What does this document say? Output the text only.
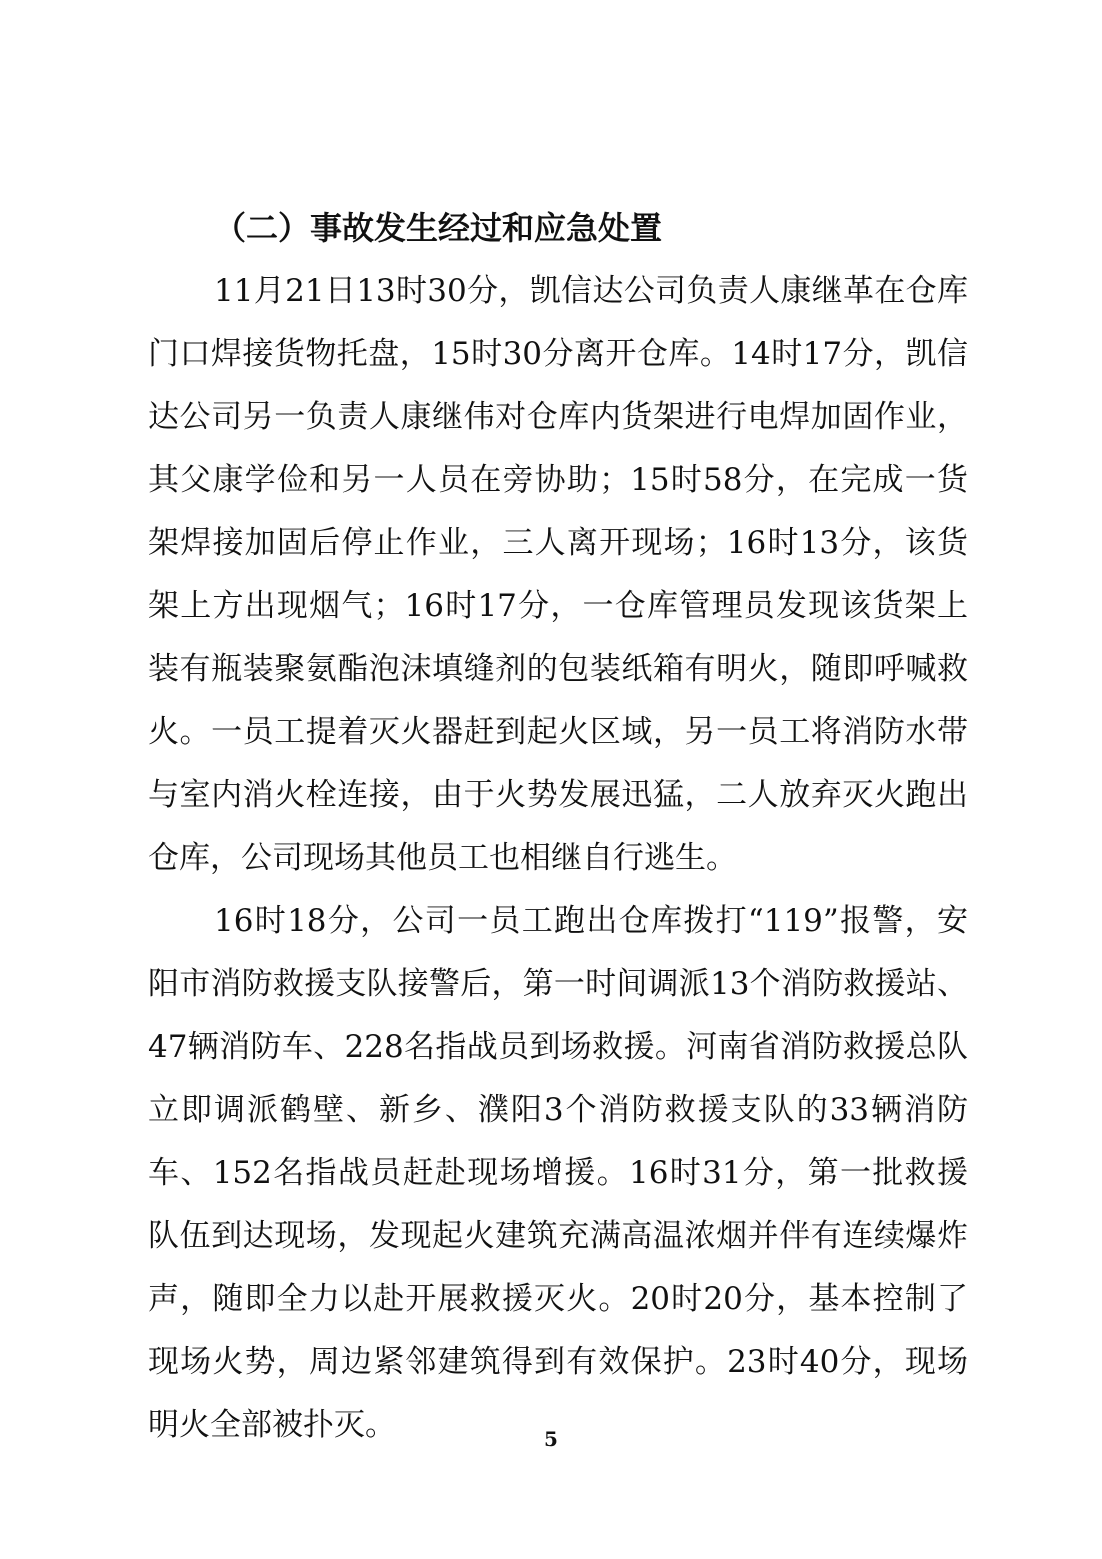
（二）事故发生经过和应急处置

11月21日13时30分，凯信达公司负责人康继革在仓库门口焊接货物托盘，15时30分离开仓库。14时17分，凯信达公司另一负责人康继伟对仓库内货架进行电焊加固作业，其父康学俭和另一人员在旁协助；15时58分，在完成一货架焊接加固后停止作业，三人离开现场；16时13分，该货架上方出现烟气；16时17分，一仓库管理员发现该货架上装有瓶装聚氨酯泡沫填缝剂的包装纸箱有明火，随即呼喊救火。一员工提着灭火器赶到起火区域，另一员工将消防水带与室内消火栓连接，由于火势发展迅猛，二人放弃灭火跑出仓库，公司现场其他员工也相继自行逃生。

16时18分，公司一员工跑出仓库拨打“119”报警，安阳市消防救援支队接警后，第一时间调派13个消防救援站、47辆消防车、228名指战员到场救援。河南省消防救援总队立即调派鹤壁、新乡、濮阳3个消防救援支队的33辆消防车、152名指战员赶赴现场增援。16时31分，第一批救援队伍到达现场，发现起火建筑充满高温浓烟并伴有连续爆炸声，随即全力以赴开展救援灭火。20时20分，基本控制了现场火势，周边紧邻建筑得到有效保护。23时40分，现场明火全部被扑灭。	5
